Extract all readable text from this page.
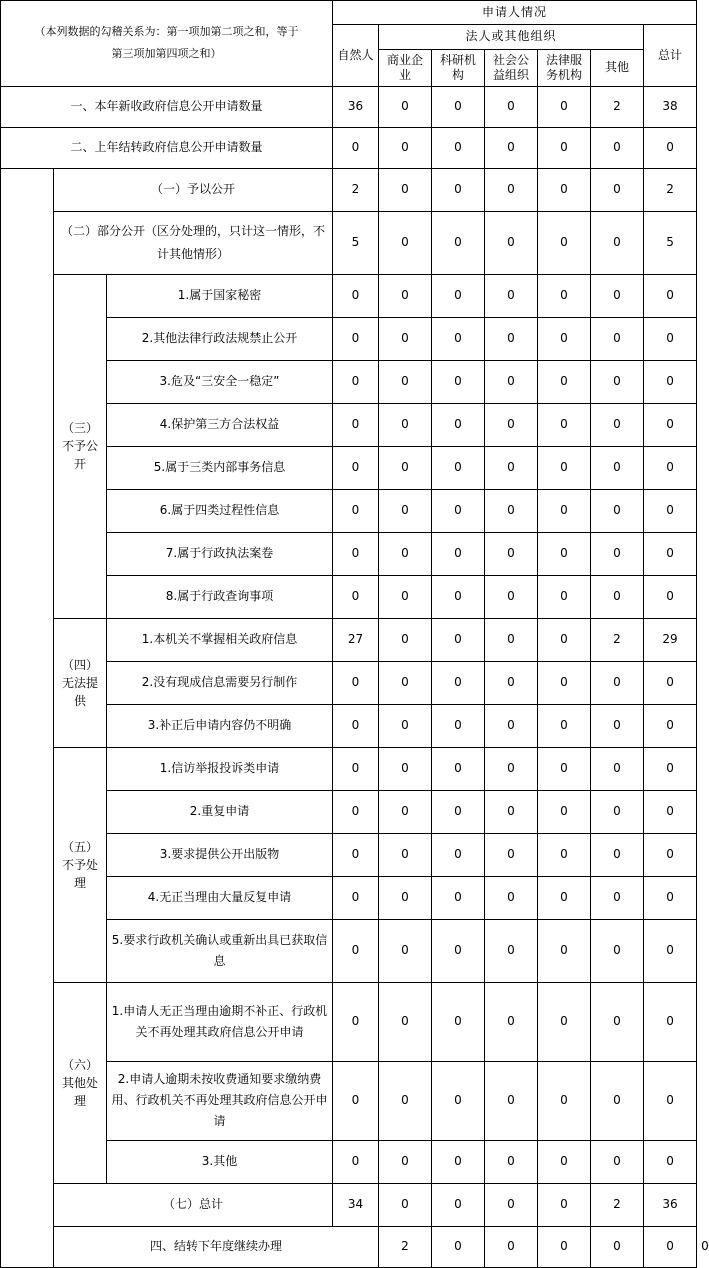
（本列数据的勾稽关系为：第一项加第二项之和，等于
第三项加第四项之和）			申请人情况							
			自然人	法人或其他组织					总计	
				商业企业	科研机构	社会公益组织	法律服务机构	其他		
一、本年新收政府信息公开申请数量			36	0	0	0	0	2	38	
二、上年结转政府信息公开申请数量			0	0	0	0	0	0	0	
	（一）予以公开		2	0	0	0	0	0	2	
	（二）部分公开（区分处理的，只计这一情形，不计其他情形）		5	0	0	0	0	0	5	
	（三）不予公开	1.属于国家秘密	0	0	0	0	0	0	0	
		2.其他法律行政法规禁止公开	0	0	0	0	0	0	0	
		3.危及“三安全一稳定”	0	0	0	0	0	0	0	
		4.保护第三方合法权益	0	0	0	0	0	0	0	
		5.属于三类内部事务信息	0	0	0	0	0	0	0	
		6.属于四类过程性信息	0	0	0	0	0	0	0	
		7.属于行政执法案卷	0	0	0	0	0	0	0	
		8.属于行政查询事项	0	0	0	0	0	0	0	
	（四）无法提供	1.本机关不掌握相关政府信息	27	0	0	0	0	2	29	
		2.没有现成信息需要另行制作	0	0	0	0	0	0	0	
		3.补正后申请内容仍不明确	0	0	0	0	0	0	0	
	（五）不予处理	1.信访举报投诉类申请	0	0	0	0	0	0	0	
		2.重复申请	0	0	0	0	0	0	0	
		3.要求提供公开出版物	0	0	0	0	0	0	0	
		4.无正当理由大量反复申请	0	0	0	0	0	0	0	
		5.要求行政机关确认或重新出具已获取信息	0	0	0	0	0	0	0	
	（六）其他处理	1.申请人无正当理由逾期不补正、行政机关不再处理其政府信息公开申请	0	0	0	0	0	0	0	
		2.申请人逾期未按收费通知要求缴纳费用、行政机关不再处理其政府信息公开申请	0	0	0	0	0	0	0	
		3.其他	0	0	0	0	0	0	0	
	（七）总计		34	0	0	0	0	2	36	
	四、结转下年度继续办理			2	0	0	0	0	0	0
